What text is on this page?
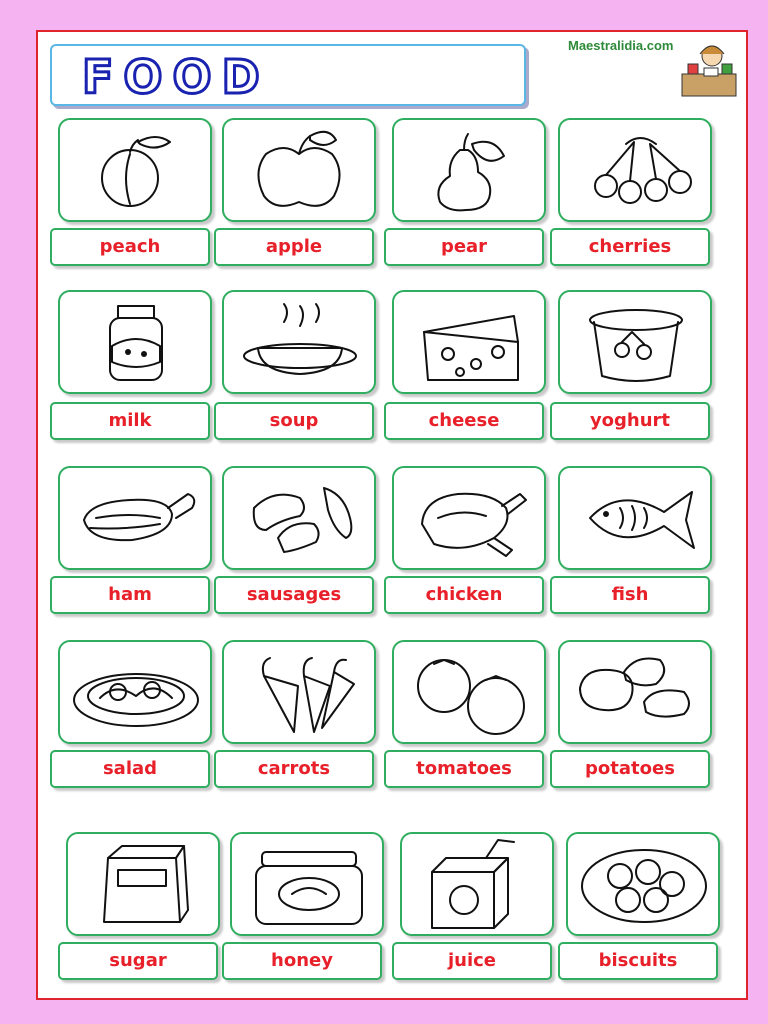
FOOD
Maestralidia.com
peach	apple	pear	cherries
milk	soup	cheese	yoghurt
ham	sausages	chicken	fish
salad	carrots	tomatoes	potatoes
sugar	honey	juice	biscuits
